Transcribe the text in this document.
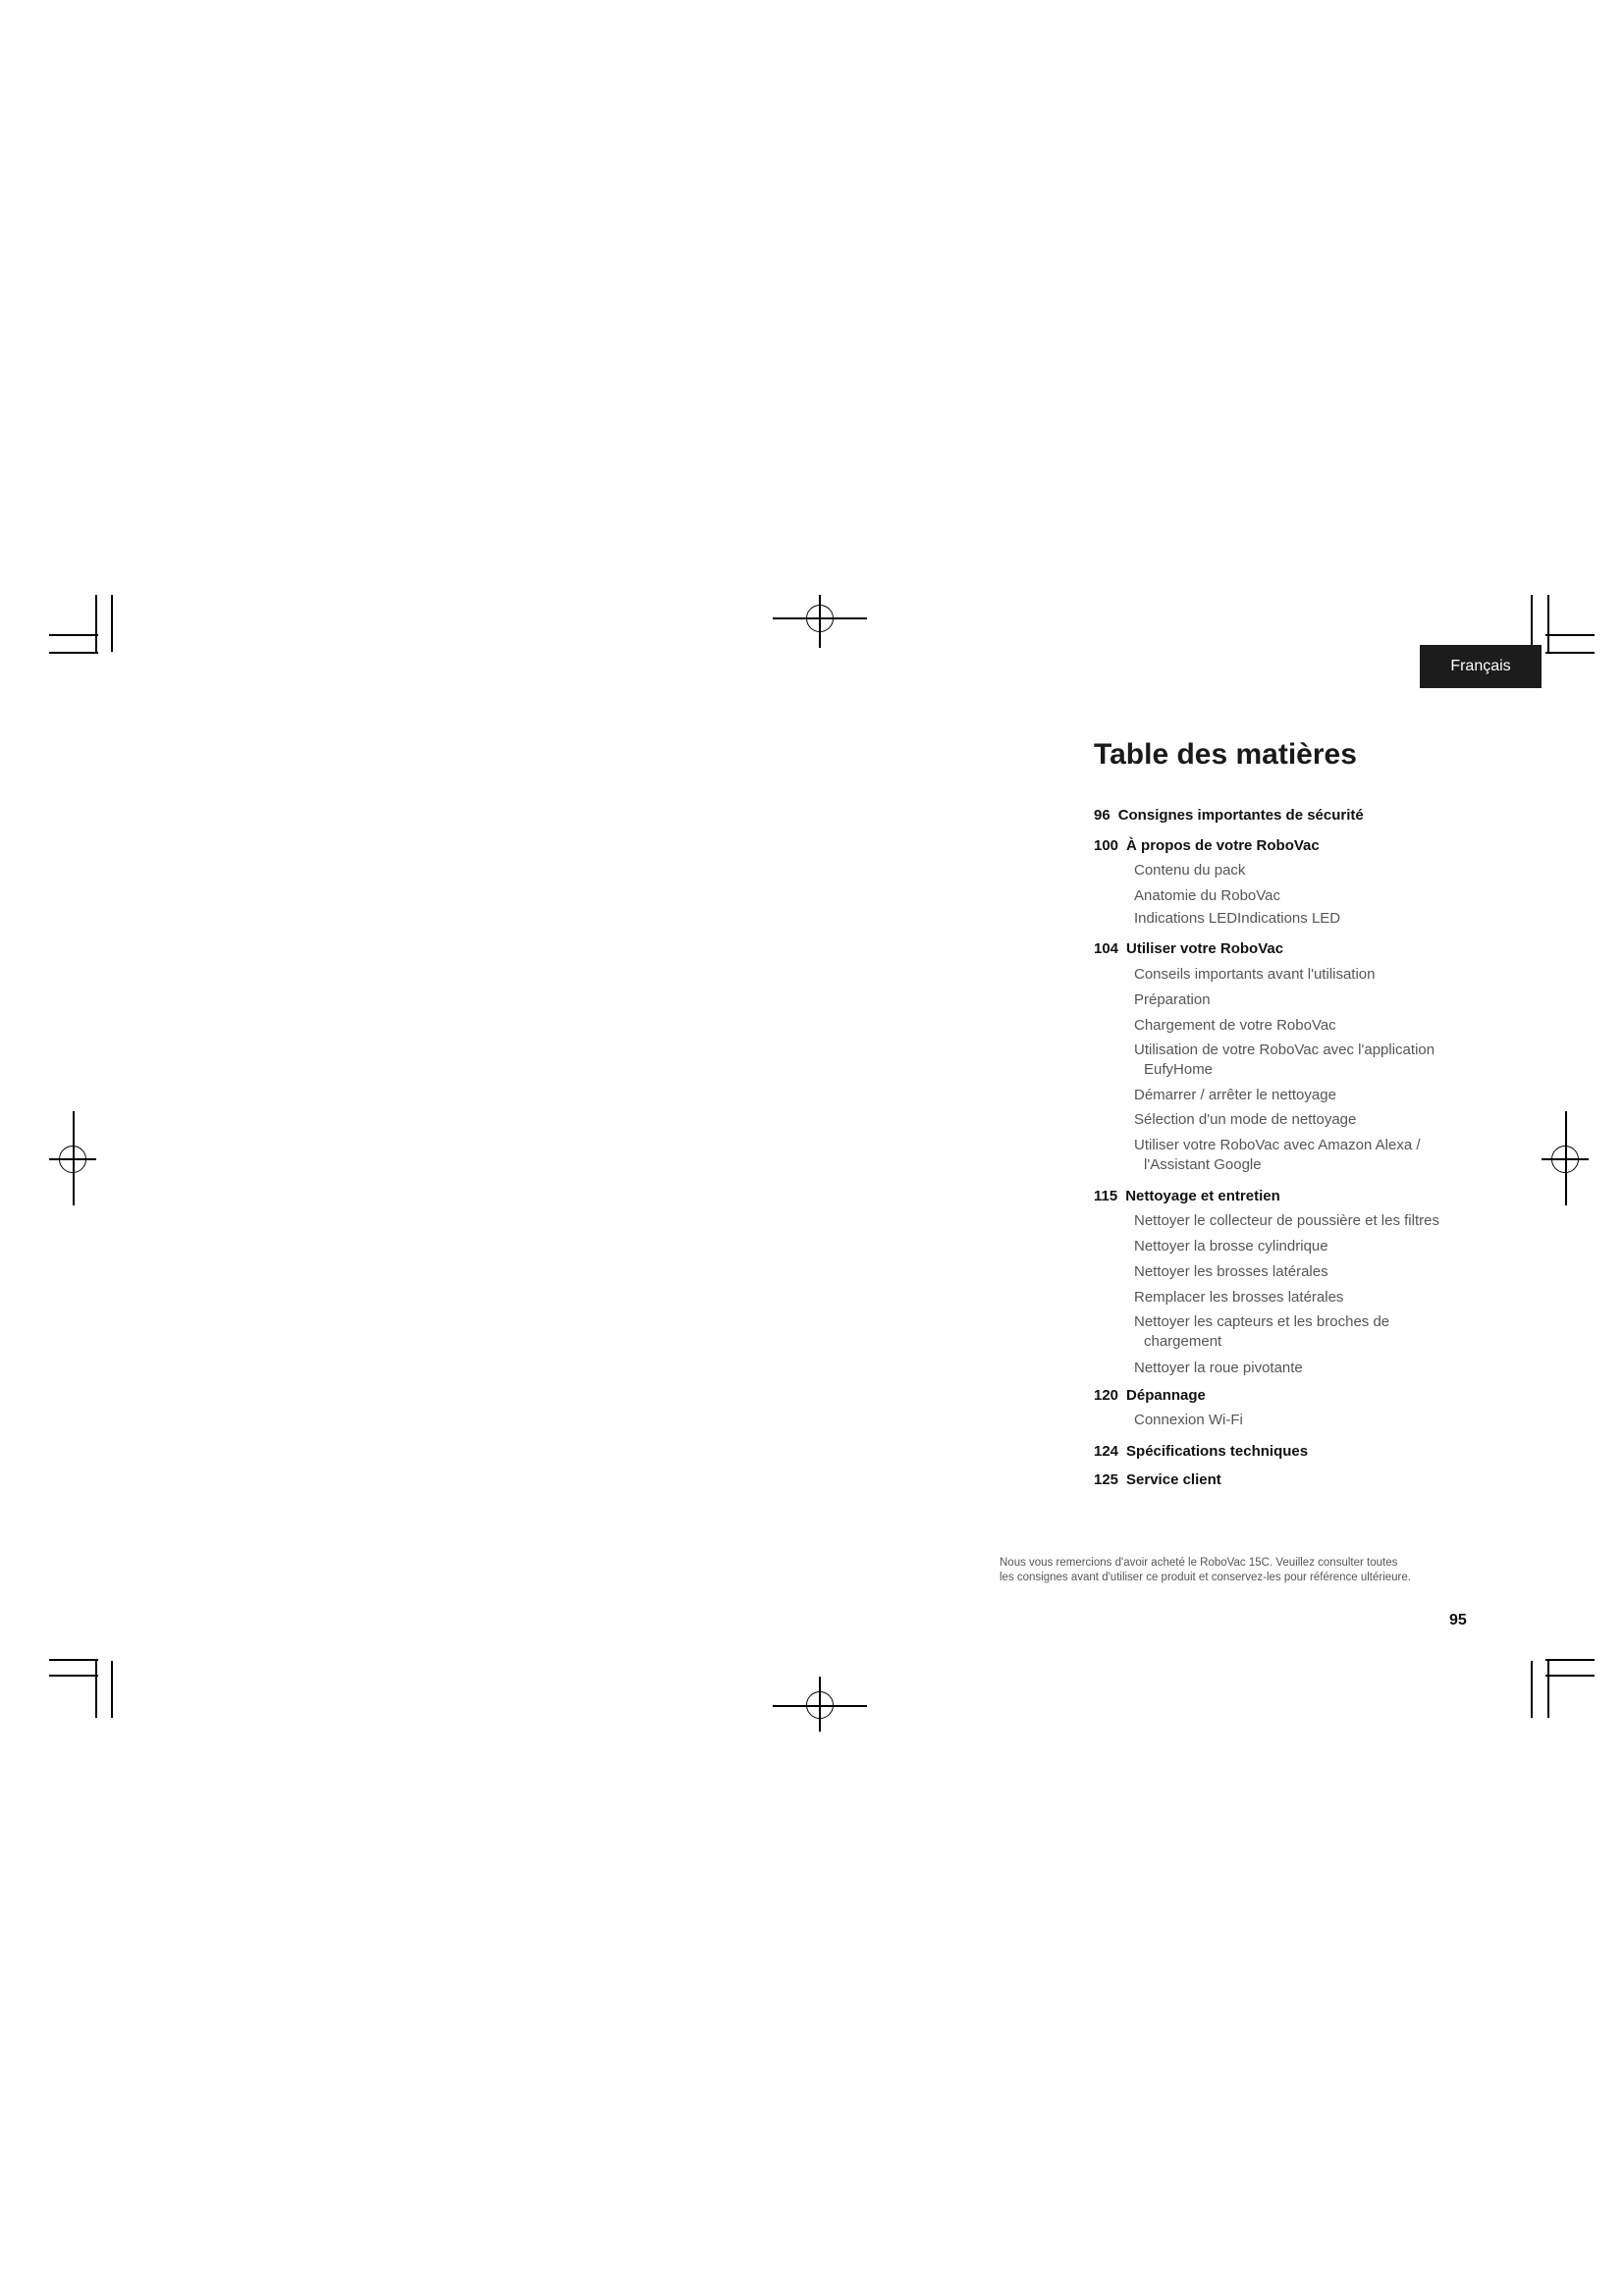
Français
Table des matières
96 Consignes importantes de sécurité
100 À propos de votre RoboVac
Contenu du pack
Anatomie du RoboVac
Indications LEDIndications LED
104 Utiliser votre RoboVac
Conseils importants avant l'utilisation
Préparation
Chargement de votre RoboVac
Utilisation de votre RoboVac avec l'application
EufyHome
Démarrer / arrêter le nettoyage
Sélection d'un mode de nettoyage
Utiliser votre RoboVac avec Amazon Alexa /
l'Assistant Google
115 Nettoyage et entretien
Nettoyer le collecteur de poussière et les filtres
Nettoyer la brosse cylindrique
Nettoyer les brosses latérales
Remplacer les brosses latérales
Nettoyer les capteurs et les broches de
chargement
Nettoyer la roue pivotante
120 Dépannage
Connexion Wi-Fi
124 Spécifications techniques
125 Service client
Nous vous remercions d'avoir acheté le RoboVac 15C. Veuillez consulter toutes
les consignes avant d'utiliser ce produit et conservez-les pour référence ultérieure.
95
